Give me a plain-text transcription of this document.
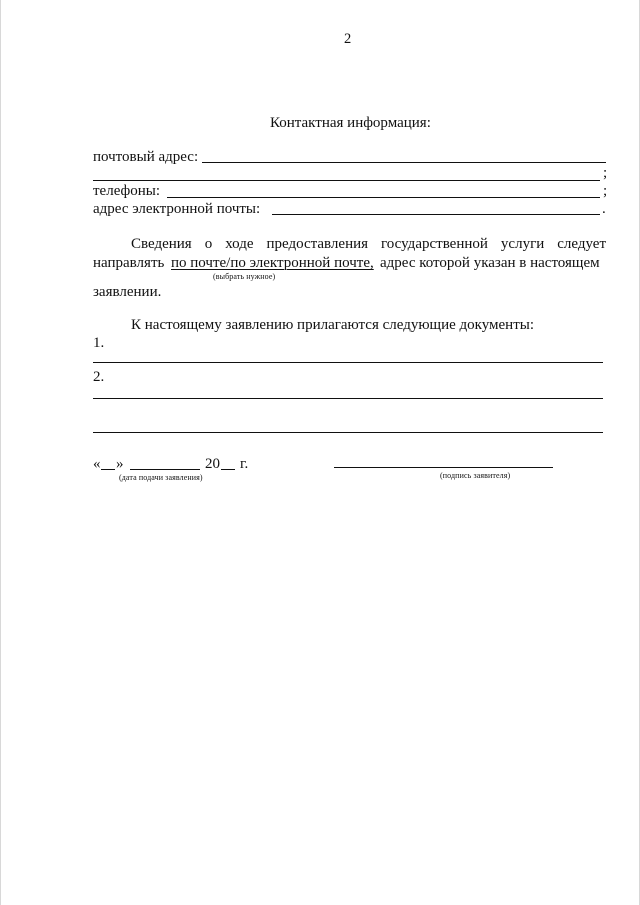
2
Контактная информация:
почтовый адрес:
;
телефоны:	;
адрес электронной почты:	.
Сведения о ходе предоставления государственной услуги следует
направлять по почте/по электронной почте, адрес которой указан в настоящем
(выбрать нужное)
заявлении.
К настоящему заявлению прилагаются следующие документы:
1.
2.
« »	20 г.
(дата подачи заявления)	(подпись заявителя)
